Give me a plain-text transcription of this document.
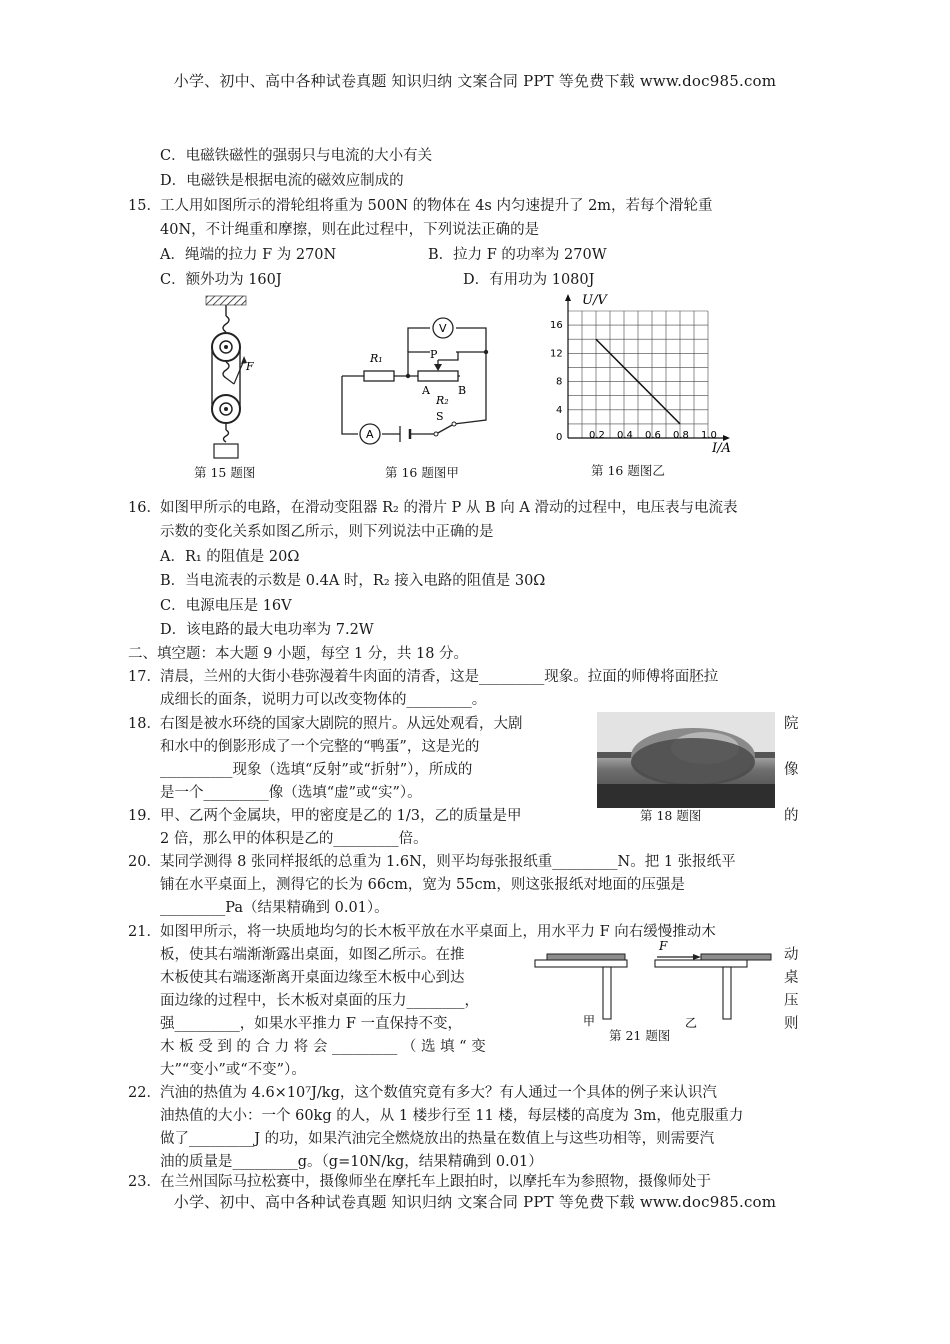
小学、初中、高中各种试卷真题 知识归纳 文案合同 PPT 等免费下载 www.doc985.com
C．电磁铁磁性的强弱只与电流的大小有关
D．电磁铁是根据电流的磁效应制成的
15． 工人用如图所示的滑轮组将重为 500N 的物体在 4s 内匀速提升了 2m，若每个滑轮重
40N，不计绳重和摩擦，则在此过程中，下列说法正确的是
A．绳端的拉力 F 为 270N	B．拉力 F 的功率为 270W
C．额外功为 160J	D．有用功为 1080J
F
第 15 题图
V
A
R₁	P
A	B
R₂
S
第 16 题图甲
0	0.2 0.4 0.6 0.8 1.0
4
8
12
16
U/V
I/A
第 16 题图乙
16． 如图甲所示的电路，在滑动变阻器 R₂ 的滑片 P 从 B 向 A 滑动的过程中，电压表与电流表
示数的变化关系如图乙所示，则下列说法中正确的是
A．R₁ 的阻值是 20Ω
B．当电流表的示数是 0.4A 时，R₂ 接入电路的阻值是 30Ω
C．电源电压是 16V
D．该电路的最大电功率为 7.2W
二、填空题：本大题 9 小题，每空 1 分，共 18 分。
17． 清晨，兰州的大街小巷弥漫着牛肉面的清香，这是_________现象。拉面的师傅将面胚拉
成细长的面条，说明力可以改变物体的_________。
18． 右图是被水环绕的国家大剧院的照片。从远处观看，大剧	院
和水中的倒影形成了一个完整的“鸭蛋”，这是光的
__________现象（选填“反射”或“折射”），所成的	像
是一个_________像（选填“虚”或“实”）。
第 18 题图
19． 甲、乙两个金属块，甲的密度是乙的 1/3，乙的质量是甲	的
2 倍，那么甲的体积是乙的_________倍。
20． 某同学测得 8 张同样报纸的总重为 1.6N，则平均每张报纸重_________N。把 1 张报纸平
铺在水平桌面上，测得它的长为 66cm，宽为 55cm，则这张报纸对地面的压强是
_________Pa（结果精确到 0.01）。
21． 如图甲所示，将一块质地均匀的长木板平放在水平桌面上，用水平力 F 向右缓慢推动木
板，使其右端渐渐露出桌面，如图乙所示。在推	动
木板使其右端逐渐离开桌面边缘至木板中心到达	桌
面边缘的过程中，长木板对桌面的压力________，	压
强_________，如果水平推力 F 一直保持不变，	则
木 板 受 到 的 合 力 将 会 _________ （ 选 填 “ 变
大”“变小”或“不变”）。
F
甲	乙
第 21 题图
22． 汽油的热值为 4.6×10⁷J/kg，这个数值究竟有多大？有人通过一个具体的例子来认识汽
油热值的大小：一个 60kg 的人，从 1 楼步行至 11 楼，每层楼的高度为 3m，他克服重力
做了_________J 的功，如果汽油完全燃烧放出的热量在数值上与这些功相等，则需要汽
油的质量是_________g。（g=10N/kg，结果精确到 0.01）
23． 在兰州国际马拉松赛中，摄像师坐在摩托车上跟拍时，以摩托车为参照物，摄像师处于
小学、初中、高中各种试卷真题 知识归纳 文案合同 PPT 等免费下载 www.doc985.com
